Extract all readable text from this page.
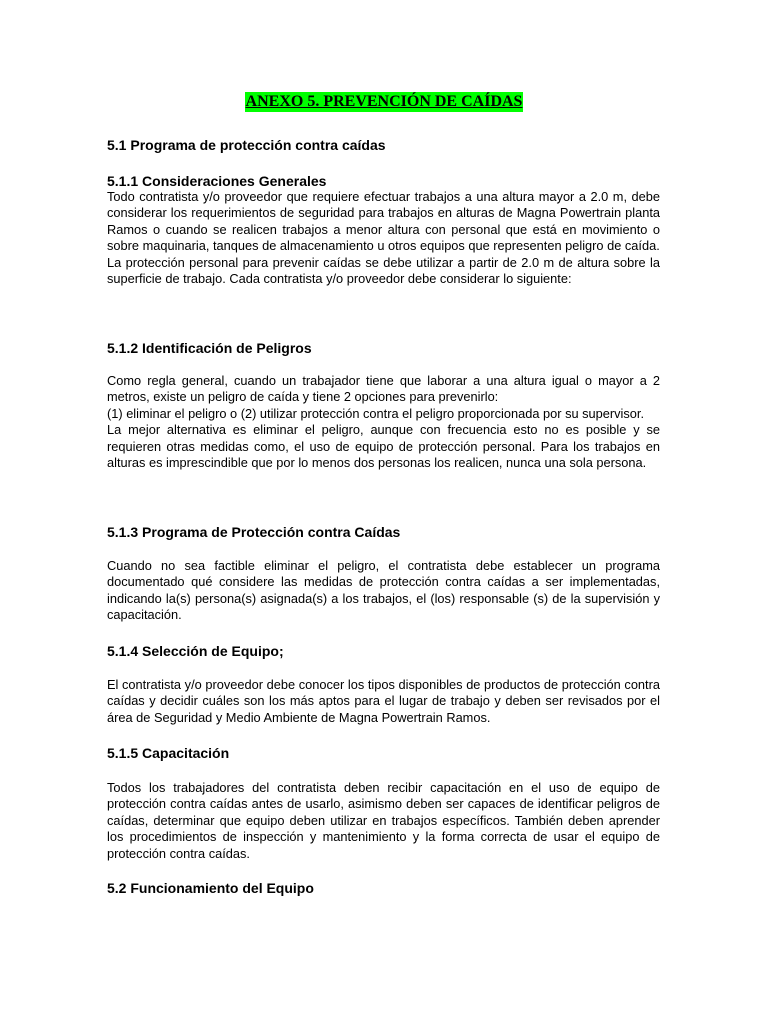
ANEXO 5. PREVENCIÓN DE CAÍDAS
5.1 Programa de protección contra caídas
5.1.1 Consideraciones Generales
Todo contratista y/o proveedor que requiere efectuar trabajos a una altura mayor a 2.0 m, debe considerar los requerimientos de seguridad para trabajos en alturas de Magna Powertrain planta Ramos o cuando se realicen trabajos a menor altura con personal que está en movimiento o sobre maquinaria, tanques de almacenamiento u otros equipos que representen peligro de caída.
La protección personal para prevenir caídas se debe utilizar a partir de 2.0 m de altura sobre la superficie de trabajo. Cada contratista y/o proveedor debe considerar lo siguiente:
5.1.2 Identificación de Peligros
Como regla general, cuando un trabajador tiene que laborar a una altura igual o mayor a 2 metros, existe un peligro de caída y tiene 2 opciones para prevenirlo:
(1) eliminar el peligro o (2) utilizar protección contra el peligro proporcionada por su supervisor.
La mejor alternativa es eliminar el peligro, aunque con frecuencia esto no es posible y se requieren otras medidas como, el uso de equipo de protección personal. Para los trabajos en alturas es imprescindible que por lo menos dos personas los realicen, nunca una sola persona.
5.1.3 Programa de Protección contra Caídas
Cuando no sea factible eliminar el peligro, el contratista debe establecer un programa documentado qué considere las medidas de protección contra caídas a ser implementadas, indicando la(s) persona(s) asignada(s) a los trabajos, el (los) responsable (s) de la supervisión y capacitación.
5.1.4 Selección de Equipo;
El contratista y/o proveedor debe conocer los tipos disponibles de productos de protección contra caídas y decidir cuáles son los más aptos para el lugar de trabajo y deben ser revisados por el área de Seguridad y Medio Ambiente de Magna Powertrain Ramos.
5.1.5 Capacitación
Todos los trabajadores del contratista deben recibir capacitación en el uso de equipo de protección contra caídas antes de usarlo, asimismo deben ser capaces de identificar peligros de caídas, determinar que equipo deben utilizar en trabajos específicos. También deben aprender los procedimientos de inspección y mantenimiento y la forma correcta de usar el equipo de protección contra caídas.
5.2 Funcionamiento del Equipo
